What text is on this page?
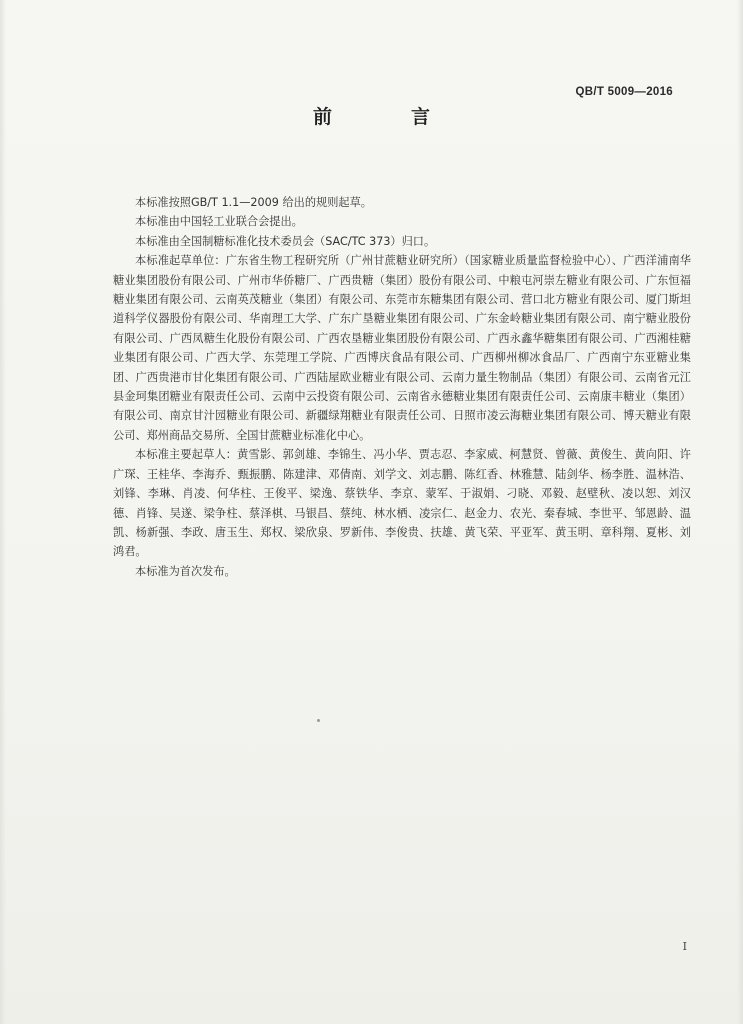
QB/T 5009—2016
前　言

本标准按照GB/T 1.1—2009 给出的规则起草。

本标准由中国轻工业联合会提出。

本标准由全国制糖标准化技术委员会（SAC/TC 373）归口。

本标准起草单位：广东省生物工程研究所（广州甘蔗糖业研究所）（国家糖业质量监督检验中心）、广西洋浦南华糖业集团股份有限公司、广州市华侨糖厂、广西贵糖（集团）股份有限公司、中粮屯河崇左糖业有限公司、广东恒福糖业集团有限公司、云南英茂糖业（集团）有限公司、东莞市东糖集团有限公司、营口北方糖业有限公司、厦门斯坦道科学仪器股份有限公司、华南理工大学、广东广垦糖业集团有限公司、广东金岭糖业集团有限公司、南宁糖业股份有限公司、广西凤糖生化股份有限公司、广西农垦糖业集团股份有限公司、广西永鑫华糖集团有限公司、广西湘桂糖业集团有限公司、广西大学、东莞理工学院、广西博庆食品有限公司、广西柳州柳冰食品厂、广西南宁东亚糖业集团、广西贵港市甘化集团有限公司、广西陆屋欧业糖业有限公司、云南力量生物制品（集团）有限公司、云南省元江县金珂集团糖业有限责任公司、云南中云投资有限公司、云南省永德糖业集团有限责任公司、云南康丰糖业（集团）有限公司、南京甘汁园糖业有限公司、新疆绿翔糖业有限责任公司、日照市凌云海糖业集团有限公司、博天糖业有限公司、郑州商品交易所、全国甘蔗糖业标准化中心。

本标准主要起草人：黄雪影、郭剑雄、李锦生、冯小华、贾志忍、李家威、柯慧贤、曾薇、黄俊生、黄向阳、许广琛、王桂华、李海乔、甄振鹏、陈建津、邓倩南、刘学文、刘志鹏、陈红香、林雅慧、陆剑华、杨李胜、温林浩、刘锋、李琳、肖凌、何华柱、王俊平、梁逸、蔡铁华、李京、蒙军、于淑娟、刁晓、邓毅、赵壁秋、凌以恕、刘汉德、肖锋、吴遂、梁争柱、蔡泽棋、马银昌、蔡纯、林水栖、凌宗仁、赵金力、农光、秦春城、李世平、邹恩龄、温凯、杨新强、李政、唐玉生、郑权、梁欣泉、罗新伟、李俊贵、扶雄、黄飞荣、平亚军、黄玉明、章科翔、夏彬、刘鸿君。

本标准为首次发布。

I
